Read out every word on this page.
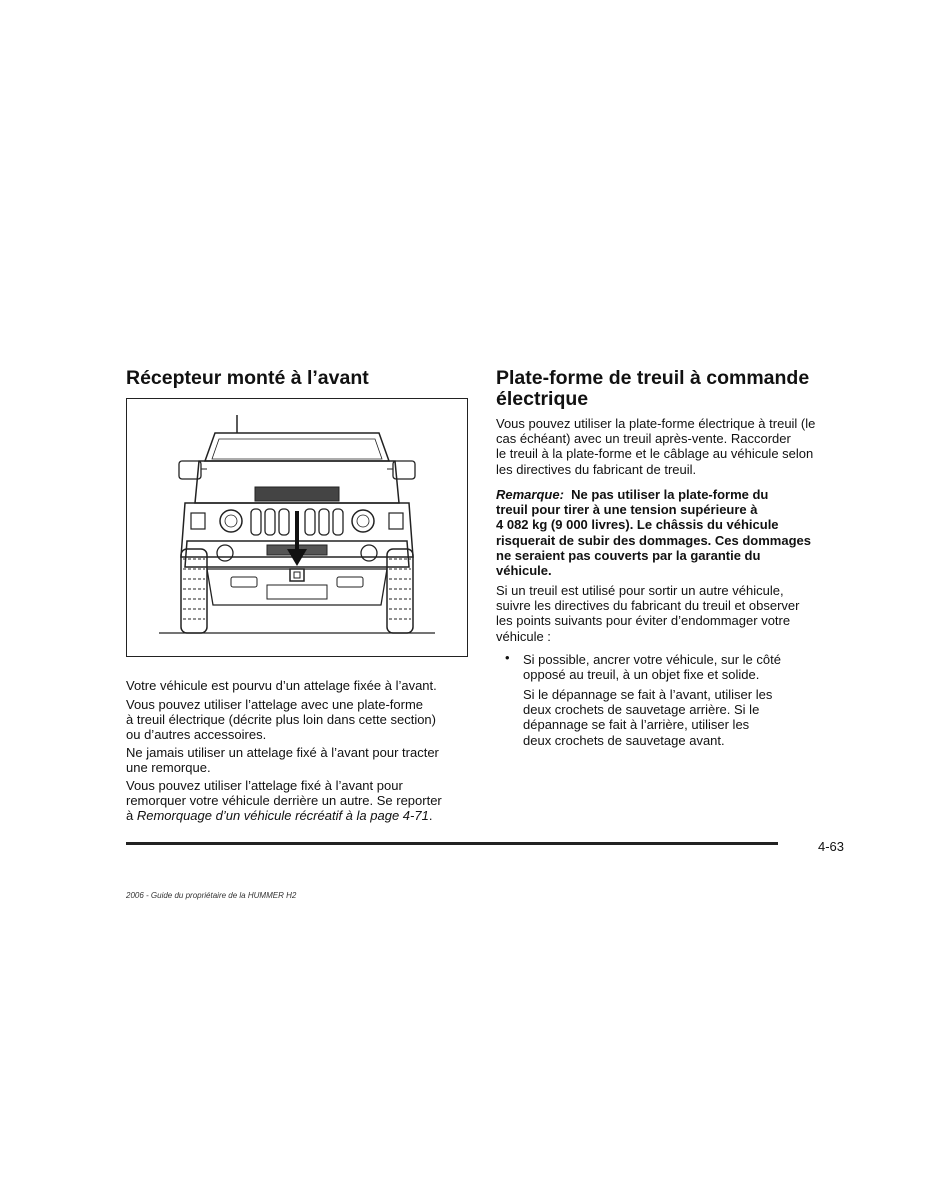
Récepteur monté à l’avant

Votre véhicule est pourvu d’un attelage fixée à l’avant.

Vous pouvez utiliser l’attelage avec une plate-forme
à treuil électrique (décrite plus loin dans cette section)
ou d’autres accessoires.

Ne jamais utiliser un attelage fixé à l’avant pour tracter
une remorque.

Vous pouvez utiliser l’attelage fixé à l’avant pour
remorquer votre véhicule derrière un autre. Se reporter
à Remorquage d’un véhicule récréatif à la page 4-71.

Plate-forme de treuil à commande
électrique

Vous pouvez utiliser la plate-forme électrique à treuil (le
cas échéant) avec un treuil après-vente. Raccorder
le treuil à la plate-forme et le câblage au véhicule selon
les directives du fabricant de treuil.

Remarque: Ne pas utiliser la plate-forme du
treuil pour tirer à une tension supérieure à
4 082 kg (9 000 livres). Le châssis du véhicule
risquerait de subir des dommages. Ces dommages
ne seraient pas couverts par la garantie du
véhicule.

Si un treuil est utilisé pour sortir un autre véhicule,
suivre les directives du fabricant du treuil et observer
les points suivants pour éviter d’endommager votre
véhicule :

• Si possible, ancrer votre véhicule, sur le côté
opposé au treuil, à un objet fixe et solide.

Si le dépannage se fait à l’avant, utiliser les
deux crochets de sauvetage arrière. Si le
dépannage se fait à l’arrière, utiliser les
deux crochets de sauvetage avant.

4-63
2006 - Guide du propriétaire de la HUMMER H2
